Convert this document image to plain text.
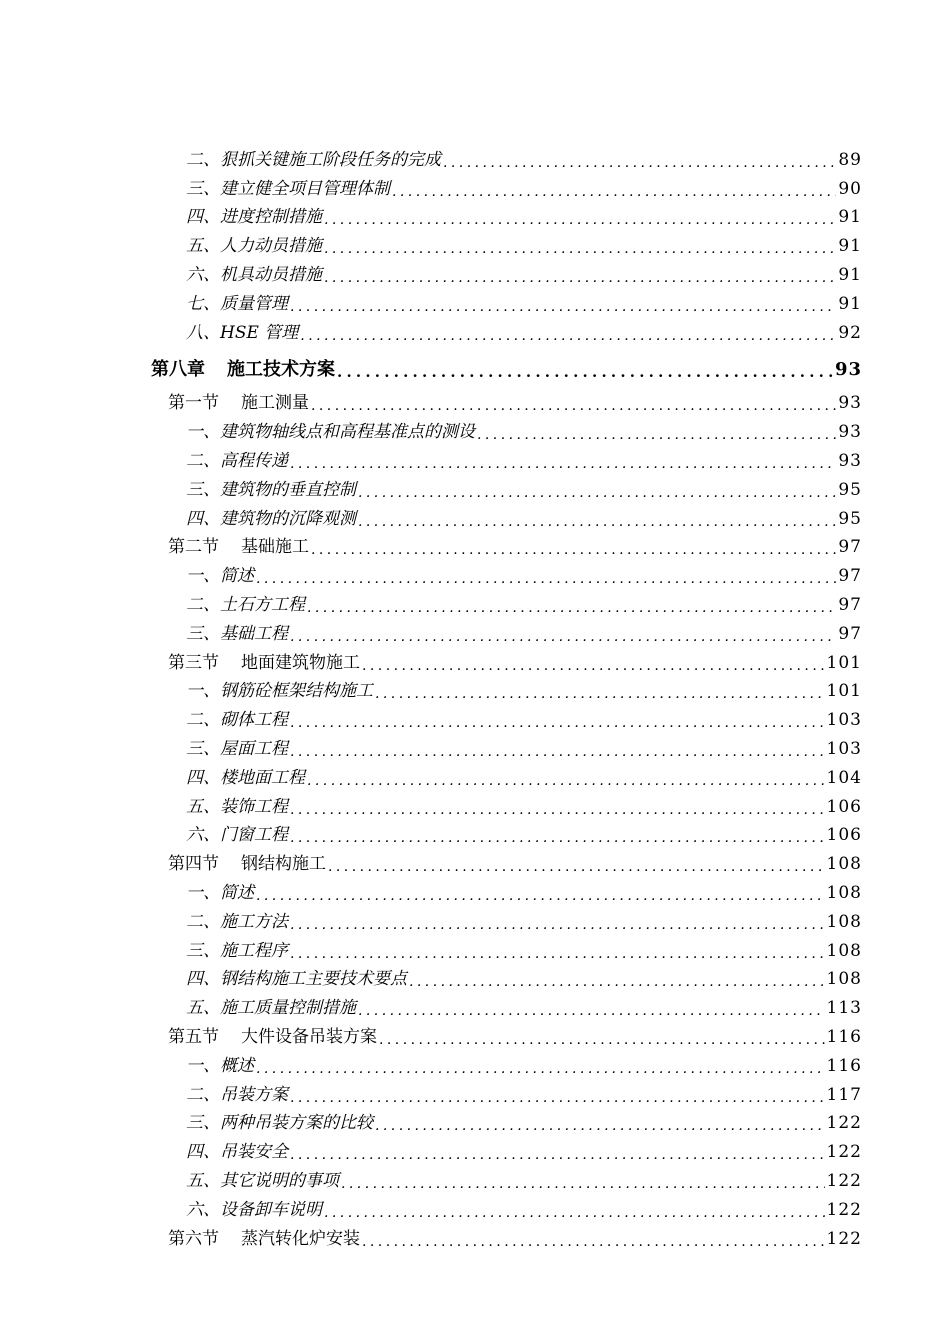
二、狠抓关键施工阶段任务的完成 . . .	89
三、建立健全项目管理体制 . . .	90
四、进度控制措施 . . .	91
五、人力动员措施 . . .	91
六、机具动员措施 . . .	91
七、质量管理 . . .	91
八、HSE 管理 . . .	92
第八章 施工技术方案 . . .	93
第一节 施工测量 . . .	93
一、建筑物轴线点和高程基准点的测设 . . .	93
二、高程传递 . . .	93
三、建筑物的垂直控制 . . .	95
四、建筑物的沉降观测 . . .	95
第二节 基础施工 . . .	97
一、简述 . . .	97
二、土石方工程 . . .	97
三、基础工程 . . .	97
第三节 地面建筑物施工 . . .	101
一、钢筋砼框架结构施工 . . .	101
二、砌体工程 . . .	103
三、屋面工程 . . .	103
四、楼地面工程 . . .	104
五、装饰工程 . . .	106
六、门窗工程 . . .	106
第四节 钢结构施工 . . .	108
一、简述 . . .	108
二、施工方法 . . .	108
三、施工程序 . . .	108
四、钢结构施工主要技术要点 . . .	108
五、施工质量控制措施 . . .	113
第五节 大件设备吊装方案 . . .	116
一、概述 . . .	116
二、吊装方案 . . .	117
三、两种吊装方案的比较 . . .	122
四、吊装安全 . . .	122
五、其它说明的事项 . . .	122
六、设备卸车说明 . . .	122
第六节 蒸汽转化炉安装 . . .	122
